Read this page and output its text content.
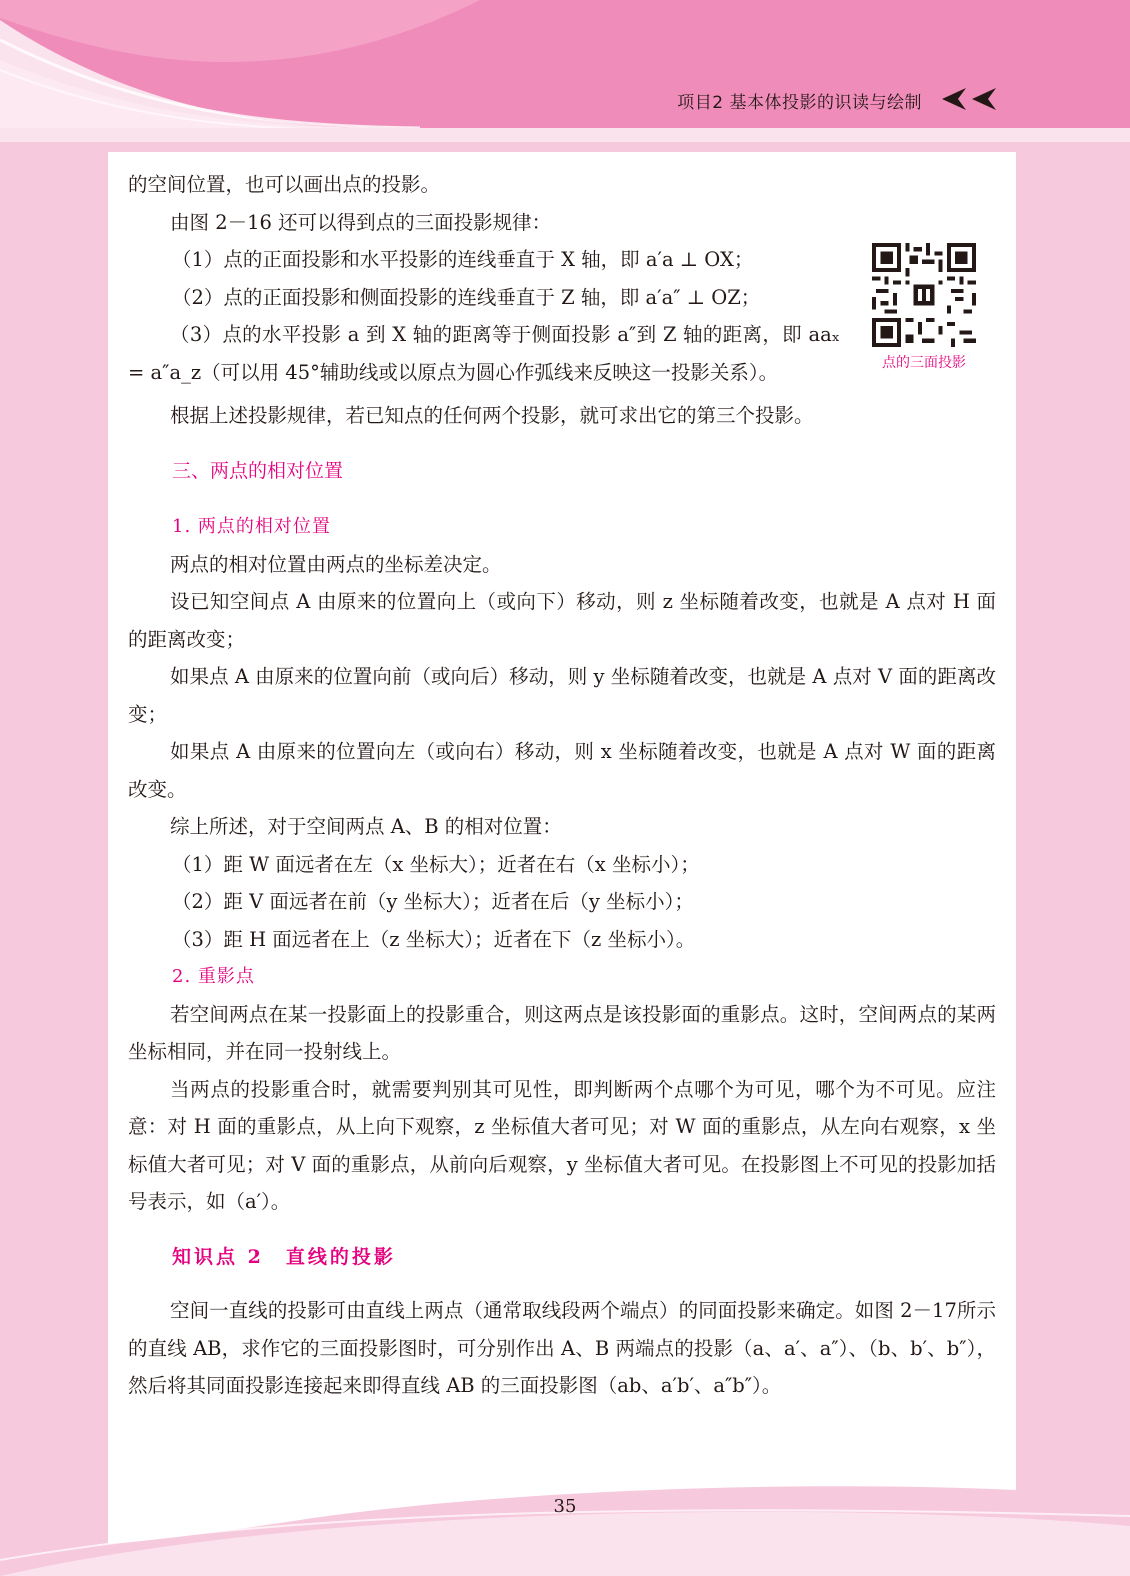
项目2 基本体投影的识读与绘制
35
点的三面投影

的空间位置，也可以画出点的投影。

由图 2－16 还可以得到点的三面投影规律：

（1）点的正面投影和水平投影的连线垂直于 X 轴，即 a′a ⊥ OX；

（2）点的正面投影和侧面投影的连线垂直于 Z 轴，即 a′a″ ⊥ OZ；

（3）点的水平投影 a 到 X 轴的距离等于侧面投影 a″到 Z 轴的距离，即 aaₓ = a″a_z（可以用 45°辅助线或以原点为圆心作弧线来反映这一投影关系）。

根据上述投影规律，若已知点的任何两个投影，就可求出它的第三个投影。

三、两点的相对位置

1. 两点的相对位置

两点的相对位置由两点的坐标差决定。

设已知空间点 A 由原来的位置向上（或向下）移动，则 z 坐标随着改变，也就是 A 点对 H 面的距离改变；

如果点 A 由原来的位置向前（或向后）移动，则 y 坐标随着改变，也就是 A 点对 V 面的距离改变；

如果点 A 由原来的位置向左（或向右）移动，则 x 坐标随着改变，也就是 A 点对 W 面的距离改变。

综上所述，对于空间两点 A、B 的相对位置：

（1）距 W 面远者在左（x 坐标大）；近者在右（x 坐标小）；

（2）距 V 面远者在前（y 坐标大）；近者在后（y 坐标小）；

（3）距 H 面远者在上（z 坐标大）；近者在下（z 坐标小）。

2. 重影点

若空间两点在某一投影面上的投影重合，则这两点是该投影面的重影点。这时，空间两点的某两坐标相同，并在同一投射线上。

当两点的投影重合时，就需要判别其可见性，即判断两个点哪个为可见，哪个为不可见。应注意：对 H 面的重影点，从上向下观察，z 坐标值大者可见；对 W 面的重影点，从左向右观察，x 坐标值大者可见；对 V 面的重影点，从前向后观察，y 坐标值大者可见。在投影图上不可见的投影加括号表示，如（a′）。

知识点 2　直线的投影

空间一直线的投影可由直线上两点（通常取线段两个端点）的同面投影来确定。如图 2－17所示的直线 AB，求作它的三面投影图时，可分别作出 A、B 两端点的投影（a、a′、a″）、（b、b′、b″），然后将其同面投影连接起来即得直线 AB 的三面投影图（ab、a′b′、a″b″）。
